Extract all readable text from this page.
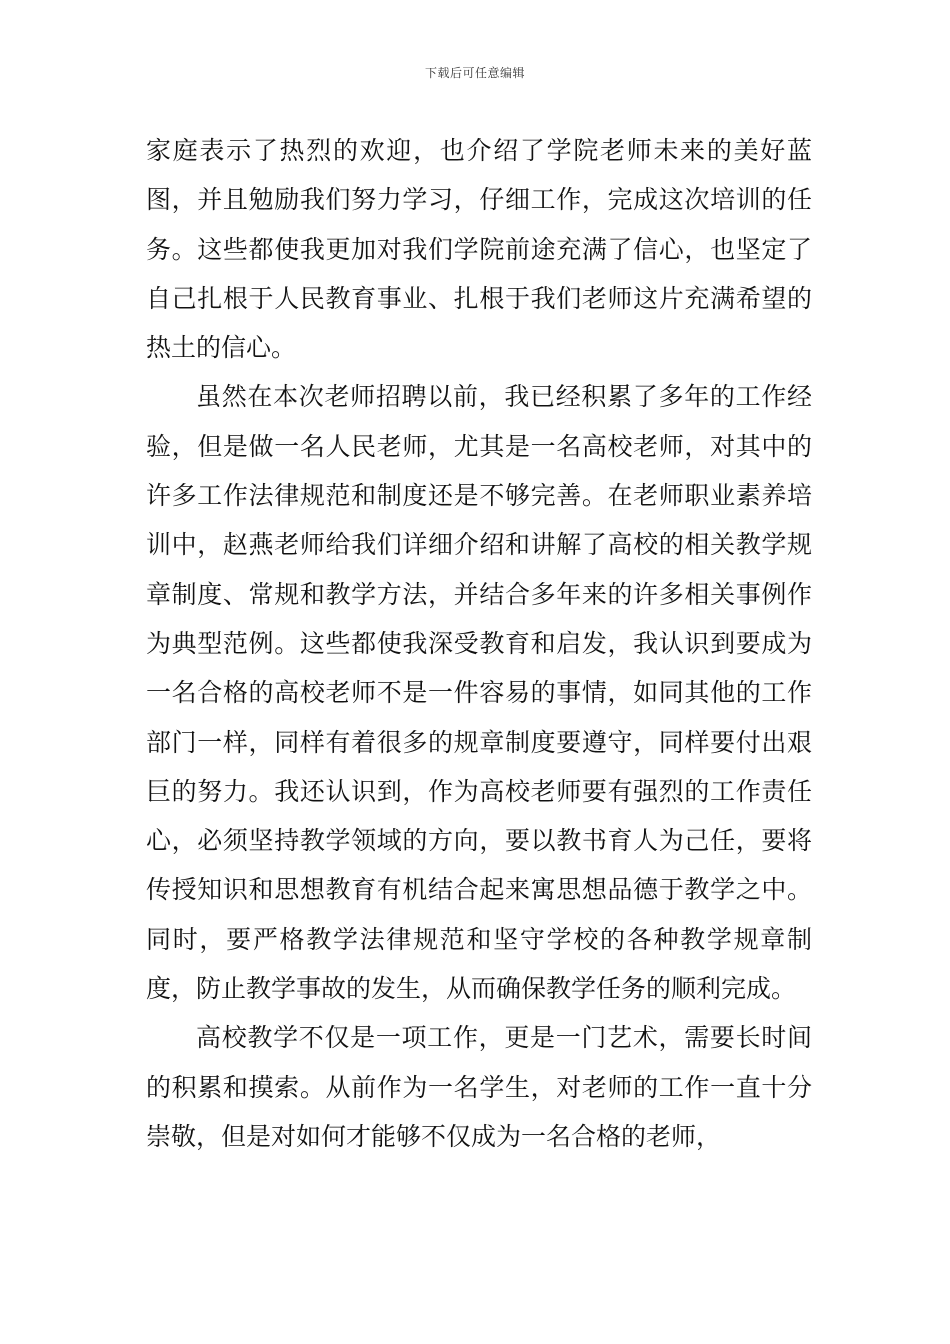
下载后可任意编辑

家庭表示了热烈的欢迎，也介绍了学院老师未来的美好蓝图，并且勉励我们努力学习，仔细工作，完成这次培训的任务。这些都使我更加对我们学院前途充满了信心，也坚定了自己扎根于人民教育事业、扎根于我们老师这片充满希望的热土的信心。

虽然在本次老师招聘以前，我已经积累了多年的工作经验，但是做一名人民老师，尤其是一名高校老师，对其中的许多工作法律规范和制度还是不够完善。在老师职业素养培训中，赵燕老师给我们详细介绍和讲解了高校的相关教学规章制度、常规和教学方法，并结合多年来的许多相关事例作为典型范例。这些都使我深受教育和启发，我认识到要成为一名合格的高校老师不是一件容易的事情，如同其他的工作部门一样，同样有着很多的规章制度要遵守，同样要付出艰巨的努力。我还认识到，作为高校老师要有强烈的工作责任心，必须坚持教学领域的方向，要以教书育人为己任，要将传授知识和思想教育有机结合起来寓思想品德于教学之中。同时，要严格教学法律规范和坚守学校的各种教学规章制度，防止教学事故的发生，从而确保教学任务的顺利完成。

高校教学不仅是一项工作，更是一门艺术，需要长时间的积累和摸索。从前作为一名学生，对老师的工作一直十分崇敬，但是对如何才能够不仅成为一名合格的老师，
